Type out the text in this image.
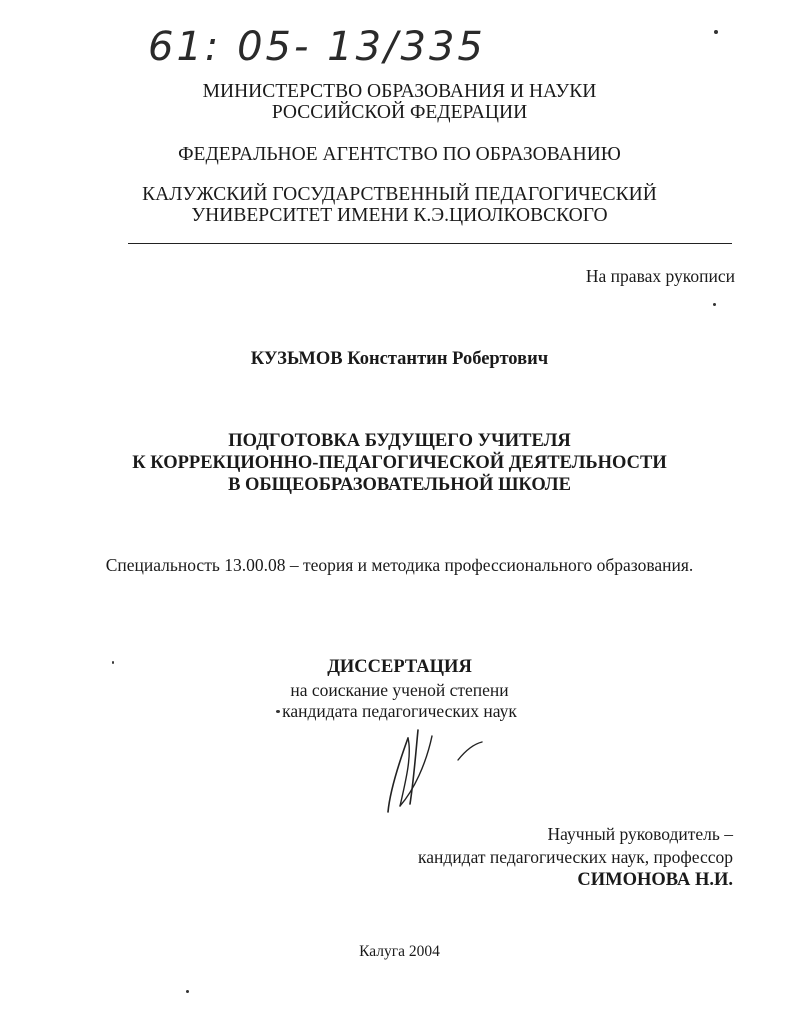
61: 05- 13/335
МИНИСТЕРСТВО ОБРАЗОВАНИЯ И НАУКИ
РОССИЙСКОЙ ФЕДЕРАЦИИ
ФЕДЕРАЛЬНОЕ АГЕНТСТВО ПО ОБРАЗОВАНИЮ
КАЛУЖСКИЙ ГОСУДАРСТВЕННЫЙ ПЕДАГОГИЧЕСКИЙ
УНИВЕРСИТЕТ ИМЕНИ К.Э.ЦИОЛКОВСКОГО
На правах рукописи
КУЗЬМОВ Константин Робертович
ПОДГОТОВКА БУДУЩЕГО УЧИТЕЛЯ
К КОРРЕКЦИОННО-ПЕДАГОГИЧЕСКОЙ ДЕЯТЕЛЬНОСТИ
В ОБЩЕОБРАЗОВАТЕЛЬНОЙ ШКОЛЕ
Специальность 13.00.08 – теория и методика профессионального образования.
ДИССЕРТАЦИЯ
на соискание ученой степени
кандидата педагогических наук
Научный руководитель –
кандидат педагогических наук, профессор
СИМОНОВА Н.И.
Калуга 2004
